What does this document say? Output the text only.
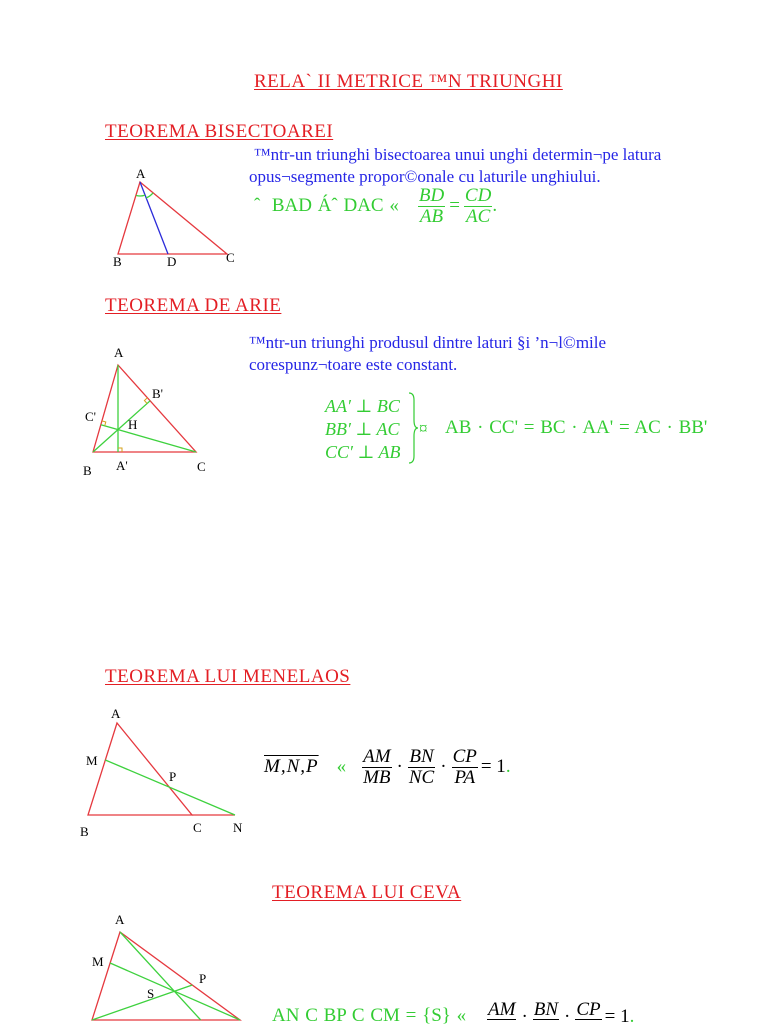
RELA` II METRICE ™N TRIUNGHI
TEOREMA BISECTOAREI

™ntr-un triunghi bisectoarea unui unghi determin¬pe latura

opus¬segmente propor©onale cu laturile unghiului.

ˆ  BAD Áˆ DAC « $\frac{BD}{AB} = \frac{CD}{AC}$ .
A
B	D	C
TEOREMA DE ARIE

™ntr-un triunghi produsul dintre laturi §i ’n¬l©mile

corespunz¬toare este constant.

AA′ ⊥ BC
BB′ ⊥ AC
CC′ ⊥ AB
¤ AB · CC' = BC · AA' = AC · BB'
A
B'
C'
H
B A'	C
TEOREMA LUI MENELAOS
M,N,P « $\frac{AM}{MB} \cdot \frac{BN}{NC} \cdot \frac{CP}{PA} = 1$ .
A
M
P
B	C N
TEOREMA LUI CEVA
A
M
P
S
AN C BP C CM = {S} « AM · BN · CP = 1 .
